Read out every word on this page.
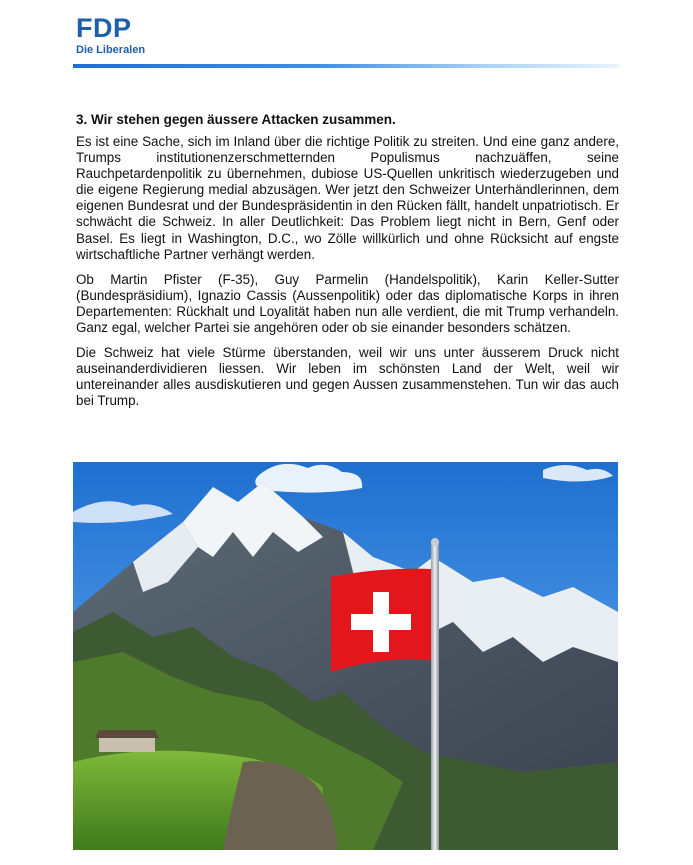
FDP
Die Liberalen
3. Wir stehen gegen äussere Attacken zusammen.

Es ist eine Sache, sich im Inland über die richtige Politik zu streiten. Und eine ganz andere, Trumps institutionenzerschmetternden Populismus nachzuäffen, seine Rauchpetardenpolitik zu übernehmen, dubiose US-Quellen unkritisch wiederzugeben und die eigene Regierung medial abzusägen. Wer jetzt den Schweizer Unterhändlerinnen, dem eigenen Bundesrat und der Bundespräsidentin in den Rücken fällt, handelt unpatriotisch. Er schwächt die Schweiz. In aller Deutlichkeit: Das Problem liegt nicht in Bern, Genf oder Basel. Es liegt in Washington, D.C., wo Zölle willkürlich und ohne Rücksicht auf engste wirtschaftliche Partner verhängt werden.

Ob Martin Pfister (F-35), Guy Parmelin (Handelspolitik), Karin Keller-Sutter (Bundespräsidium), Ignazio Cassis (Aussenpolitik) oder das diplomatische Korps in ihren Departementen: Rückhalt und Loyalität haben nun alle verdient, die mit Trump verhandeln. Ganz egal, welcher Partei sie angehören oder ob sie einander besonders schätzen.

Die Schweiz hat viele Stürme überstanden, weil wir uns unter äusserem Druck nicht auseinanderdividieren liessen. Wir leben im schönsten Land der Welt, weil wir untereinander alles ausdiskutieren und gegen Aussen zusammenstehen. Tun wir das auch bei Trump.
